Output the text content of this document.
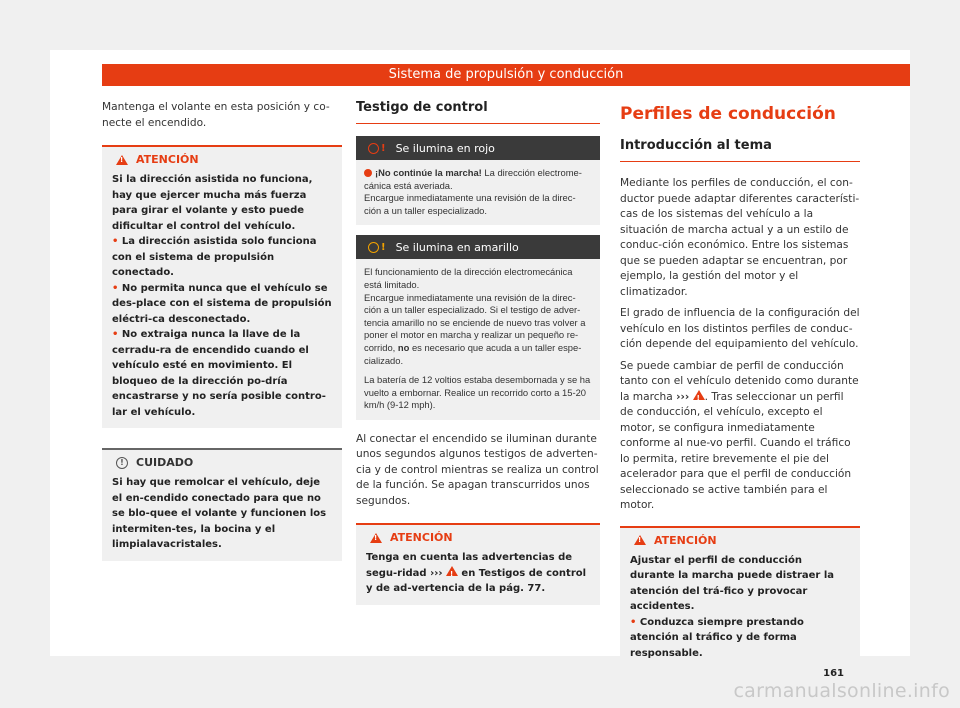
Sistema de propulsión y conducción

Mantenga el volante en esta posición y co-necte el encendido.

!
ATENCIÓN

Si la dirección asistida no funciona, hay que ejercer mucha más fuerza para girar el volante y esto puede dificultar el control del vehículo.

• La dirección asistida solo funciona con el sistema de propulsión conectado.

• No permita nunca que el vehículo se des-place con el sistema de propulsión eléctri-ca desconectado.

• No extraiga nunca la llave de la cerradu-ra de encendido cuando el vehículo esté en movimiento. El bloqueo de la dirección po-dría encastrarse y no sería posible contro-lar el vehículo.

!	CUIDADO
Si hay que remolcar el vehículo, deje el en-cendido conectado para que no se blo-quee el volante y funcionen los intermiten-tes, la bocina y el limpialavacristales.
Testigo de control
! Se ilumina en rojo

¡No continúe la marcha! La dirección electrome-cánica está averiada.

Encargue inmediatamente una revisión de la direc-ción a un taller especializado.

! Se ilumina en amarillo

El funcionamiento de la dirección electromecánica está limitado.

Encargue inmediatamente una revisión de la direc-ción a un taller especializado. Si el testigo de adver-tencia amarillo no se enciende de nuevo tras volver a poner el motor en marcha y realizar un pequeño re-corrido, no es necesario que acuda a un taller espe-cializado.

La batería de 12 voltios estaba desembornada y se ha vuelto a embornar. Realice un recorrido corto a 15-20 km/h (9-12 mph).

Al conectar el encendido se iluminan durante unos segundos algunos testigos de adverten-cia y de control mientras se realiza un control de la función. Se apagan transcurridos unos segundos.

!
ATENCIÓN
Tenga en cuenta las advertencias de segu-ridad ››› ! en Testigos de control y de ad-vertencia de la pág. 77.
Perfiles de conducción
Introducción al tema

Mediante los perfiles de conducción, el con-ductor puede adaptar diferentes característi-cas de los sistemas del vehículo a la situación de marcha actual y a un estilo de conduc-ción económico. Entre los sistemas que se pueden adaptar se encuentran, por ejemplo, la gestión del motor y el climatizador.

El grado de influencia de la configuración del vehículo en los distintos perfiles de conduc-ción depende del equipamiento del vehículo.

Se puede cambiar de perfil de conducción tanto con el vehículo detenido como durante la marcha ››› ! . Tras seleccionar un perfil de conducción, el vehículo, excepto el motor, se configura inmediatamente conforme al nue-vo perfil. Cuando el tráfico lo permita, retire brevemente el pie del acelerador para que el perfil de conducción seleccionado se active también para el motor.

!
ATENCIÓN

Ajustar el perfil de conducción durante la marcha puede distraer la atención del trá-fico y provocar accidentes.

• Conduzca siempre prestando atención al tráfico y de forma responsable.

161
carmanualsonline.info
